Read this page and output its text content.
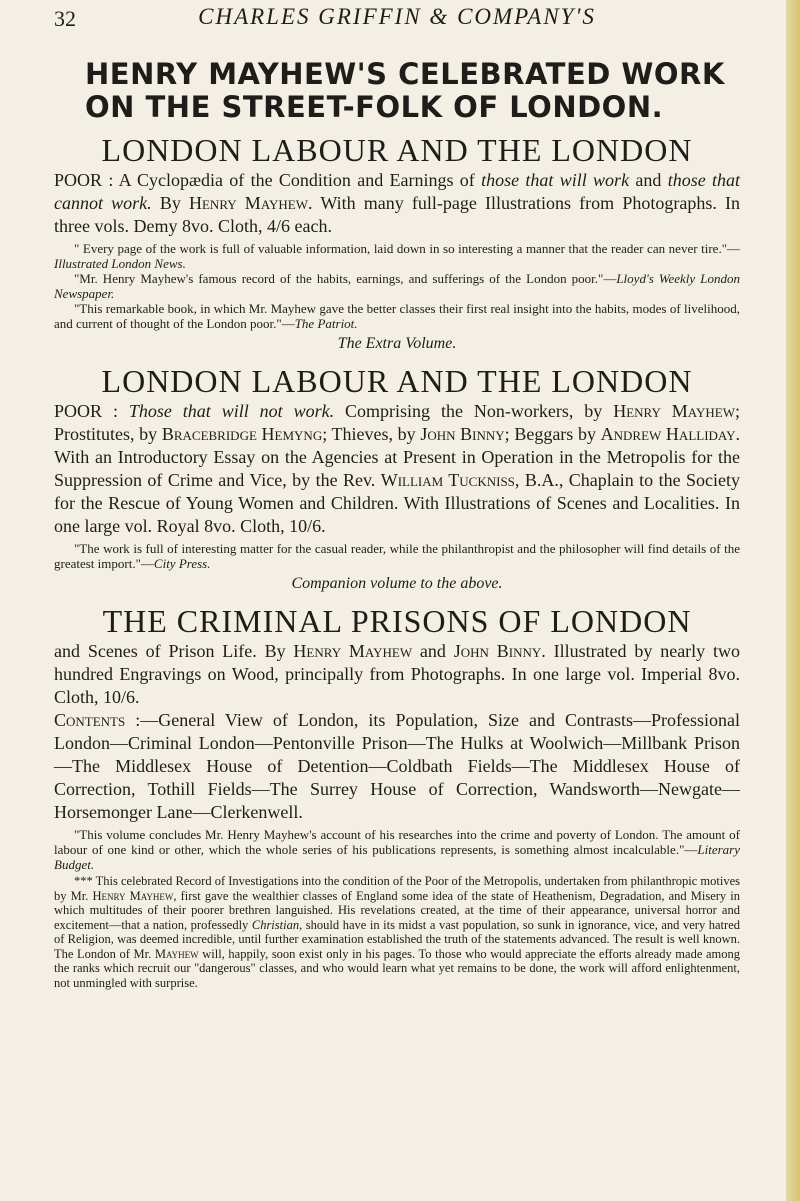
32	CHARLES GRIFFIN & COMPANY'S
HENRY MAYHEW'S CELEBRATED WORK
ON THE STREET-FOLK OF LONDON.
LONDON LABOUR AND THE LONDON

POOR : A Cyclopædia of the Condition and Earnings of those that will work and those that cannot work. By Henry Mayhew. With many full-page Illustrations from Photographs. In three vols. Demy 8vo. Cloth, 4/6 each.

" Every page of the work is full of valuable information, laid down in so interesting a manner that the reader can never tire."—Illustrated London News.

"Mr. Henry Mayhew's famous record of the habits, earnings, and sufferings of the London poor."—Lloyd's Weekly London Newspaper.

"This remarkable book, in which Mr. Mayhew gave the better classes their first real insight into the habits, modes of livelihood, and current of thought of the London poor."—The Patriot.

The Extra Volume.

LONDON LABOUR AND THE LONDON

POOR : Those that will not work. Comprising the Non-workers, by Henry Mayhew; Prostitutes, by Bracebridge Hemyng; Thieves, by John Binny; Beggars by Andrew Halliday. With an Introductory Essay on the Agencies at Present in Operation in the Metropolis for the Suppression of Crime and Vice, by the Rev. William Tuckniss, B.A., Chaplain to the Society for the Rescue of Young Women and Children. With Illustrations of Scenes and Localities. In one large vol. Royal 8vo. Cloth, 10/6.

"The work is full of interesting matter for the casual reader, while the philanthropist and the philosopher will find details of the greatest import."—City Press.

Companion volume to the above.

THE CRIMINAL PRISONS OF LONDON

and Scenes of Prison Life. By Henry Mayhew and John Binny. Illustrated by nearly two hundred Engravings on Wood, principally from Photographs. In one large vol. Imperial 8vo. Cloth, 10/6.

Contents :—General View of London, its Population, Size and Contrasts—Professional London—Criminal London—Pentonville Prison—The Hulks at Woolwich—Millbank Prison—The Middlesex House of Detention—Coldbath Fields—The Middlesex House of Correction, Tothill Fields—The Surrey House of Correction, Wandsworth—Newgate—Horsemonger Lane—Clerkenwell.

"This volume concludes Mr. Henry Mayhew's account of his researches into the crime and poverty of London. The amount of labour of one kind or other, which the whole series of his publications represents, is something almost incalculable."—Literary Budget.

*** This celebrated Record of Investigations into the condition of the Poor of the Metropolis, undertaken from philanthropic motives by Mr. Henry Mayhew, first gave the wealthier classes of England some idea of the state of Heathenism, Degradation, and Misery in which multitudes of their poorer brethren languished. His revelations created, at the time of their appearance, universal horror and excitement—that a nation, professedly Christian, should have in its midst a vast population, so sunk in ignorance, vice, and very hatred of Religion, was deemed incredible, until further examination established the truth of the statements advanced. The result is well known. The London of Mr. Mayhew will, happily, soon exist only in his pages. To those who would appreciate the efforts already made among the ranks which recruit our "dangerous" classes, and who would learn what yet remains to be done, the work will afford enlightenment, not unmingled with surprise.
